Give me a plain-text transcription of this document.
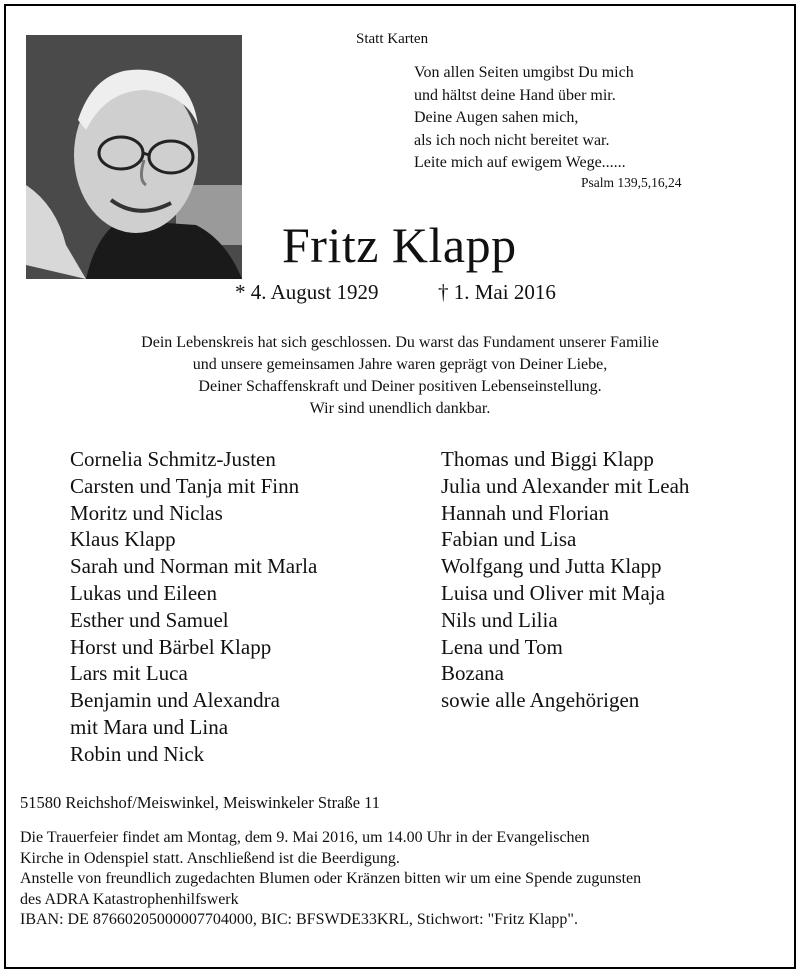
Statt Karten
Von allen Seiten umgibst Du mich
und hältst deine Hand über mir.
Deine Augen sahen mich,
als ich noch nicht bereitet war.
Leite mich auf ewigem Wege......
Psalm 139,5,16,24
Fritz Klapp
* 4. August 1929	† 1. Mai 2016
Dein Lebenskreis hat sich geschlossen. Du warst das Fundament unserer Familie
und unsere gemeinsamen Jahre waren geprägt von Deiner Liebe,
Deiner Schaffenskraft und Deiner positiven Lebenseinstellung.
Wir sind unendlich dankbar.
Cornelia Schmitz-Justen
Carsten und Tanja mit Finn
Moritz und Niclas
Klaus Klapp
Sarah und Norman mit Marla
Lukas und Eileen
Esther und Samuel
Horst und Bärbel Klapp
Lars mit Luca
Benjamin und Alexandra
mit Mara und Lina
Robin und Nick
Thomas und Biggi Klapp
Julia und Alexander mit Leah
Hannah und Florian
Fabian und Lisa
Wolfgang und Jutta Klapp
Luisa und Oliver mit Maja
Nils und Lilia
Lena und Tom
Bozana
sowie alle Angehörigen
51580 Reichshof/Meiswinkel, Meiswinkeler Straße 11
Die Trauerfeier findet am Montag, dem 9. Mai 2016, um 14.00 Uhr in der Evangelischen
Kirche in Odenspiel statt. Anschließend ist die Beerdigung.
Anstelle von freundlich zugedachten Blumen oder Kränzen bitten wir um eine Spende zugunsten
des ADRA Katastrophenhilfswerk
IBAN: DE 87660205000007704000, BIC: BFSWDE33KRL, Stichwort: "Fritz Klapp".
